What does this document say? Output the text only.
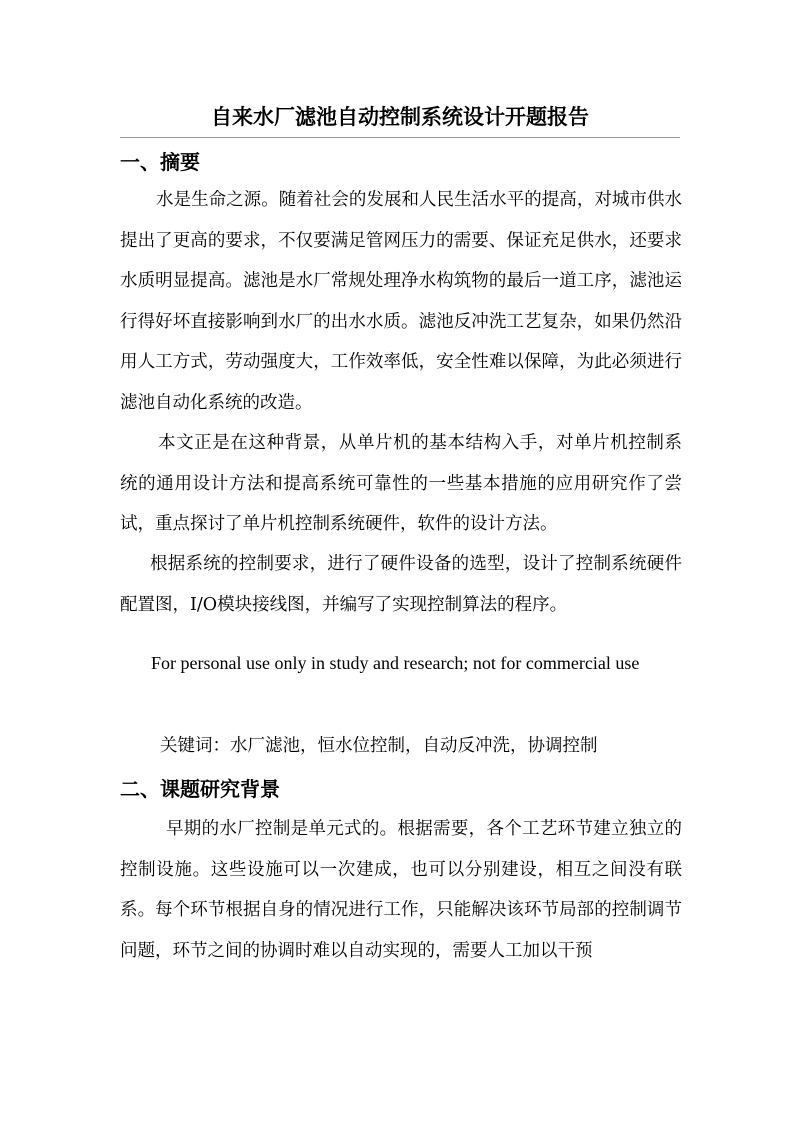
自来水厂滤池自动控制系统设计开题报告
一、摘要
水是生命之源。随着社会的发展和人民生活水平的提高，对城市供水提出了更高的要求，不仅要满足管网压力的需要、保证充足供水，还要求水质明显提高。滤池是水厂常规处理净水构筑物的最后一道工序，滤池运行得好坏直接影响到水厂的出水水质。滤池反冲洗工艺复杂，如果仍然沿用人工方式，劳动强度大，工作效率低，安全性难以保障，为此必须进行滤池自动化系统的改造。
本文正是在这种背景，从单片机的基本结构入手，对单片机控制系统的通用设计方法和提高系统可靠性的一些基本措施的应用研究作了尝试，重点探讨了单片机控制系统硬件，软件的设计方法。
根据系统的控制要求，进行了硬件设备的选型，设计了控制系统硬件配置图，I/O模块接线图，并编写了实现控制算法的程序。
For personal use only in study and research; not for commercial use
关键词：水厂滤池，恒水位控制，自动反冲洗，协调控制
二、课题研究背景
早期的水厂控制是单元式的。根据需要，各个工艺环节建立独立的控制设施。这些设施可以一次建成，也可以分别建设，相互之间没有联系。每个环节根据自身的情况进行工作，只能解决该环节局部的控制调节问题，环节之间的协调时难以自动实现的，需要人工加以干预
